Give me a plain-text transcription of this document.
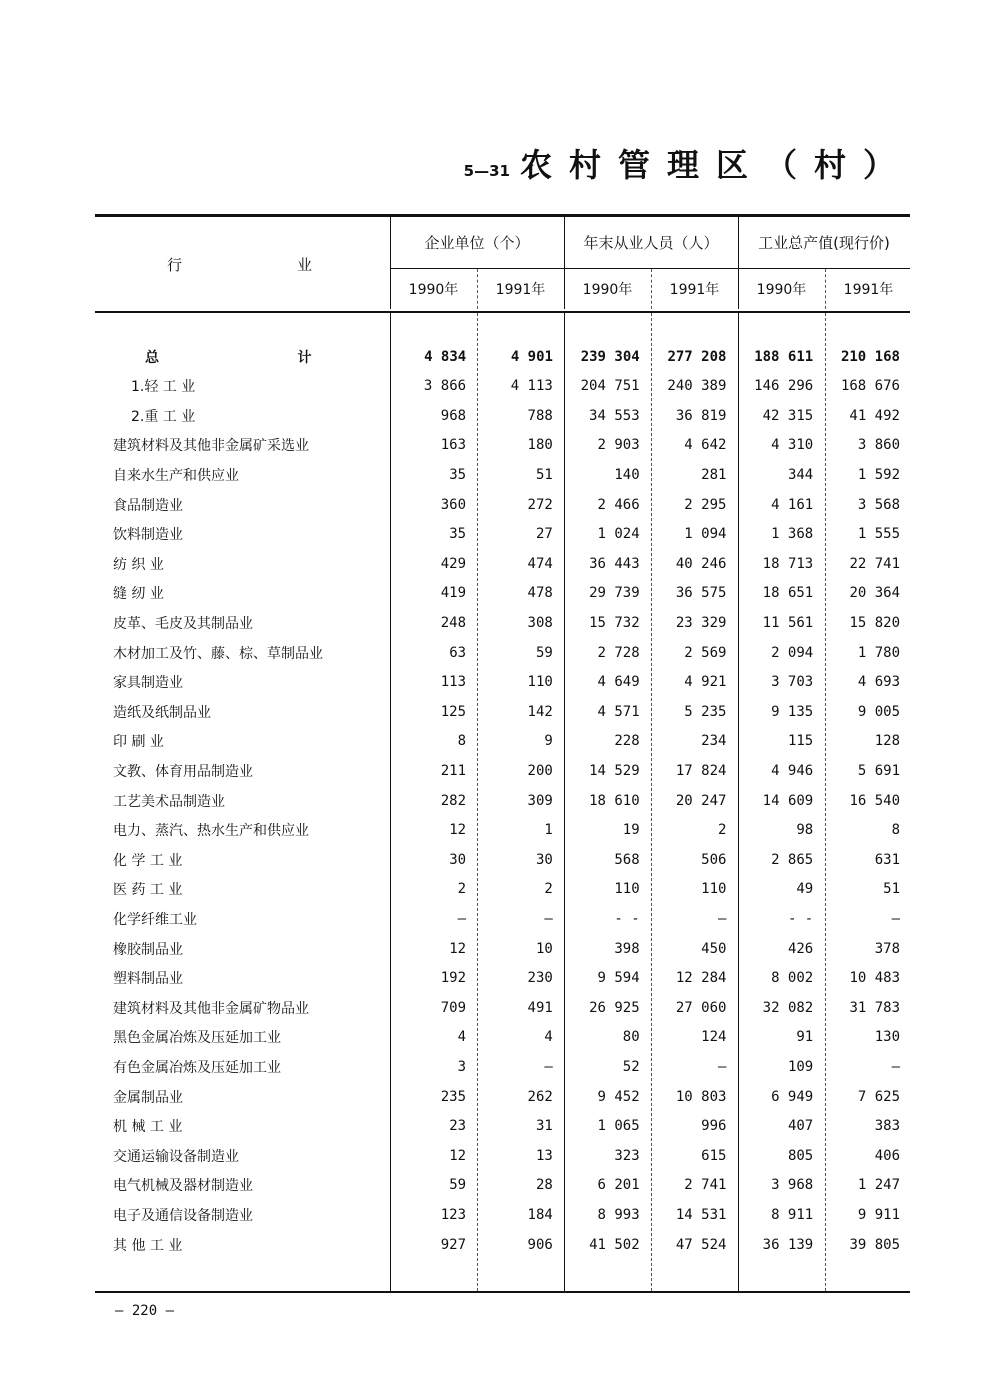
5—31 农村管理区（村）
行	业
企业单位（个）	年末从业人员（人）	工业总产值(现行价)
1990年	1991年	1990年	1991年	1990年	1991年
总	计	4 834	4 901	239 304	277 208	188 611	210 168
1.轻 工 业	3 866	4 113	204 751	240 389	146 296	168 676
2.重 工 业	968	788	34 553	36 819	42 315	41 492
建筑材料及其他非金属矿采选业	163	180	2 903	4 642	4 310	3 860
自来水生产和供应业	35	51	140	281	344	1 592
食品制造业	360	272	2 466	2 295	4 161	3 568
饮料制造业	35	27	1 024	1 094	1 368	1 555
纺 织 业	429	474	36 443	40 246	18 713	22 741
缝 纫 业	419	478	29 739	36 575	18 651	20 364
皮革、毛皮及其制品业	248	308	15 732	23 329	11 561	15 820
木材加工及竹、藤、棕、草制品业	63	59	2 728	2 569	2 094	1 780
家具制造业	113	110	4 649	4 921	3 703	4 693
造纸及纸制品业	125	142	4 571	5 235	9 135	9 005
印 刷 业	8	9	228	234	115	128
文教、体育用品制造业	211	200	14 529	17 824	4 946	5 691
工艺美术品制造业	282	309	18 610	20 247	14 609	16 540
电力、蒸汽、热水生产和供应业	12	1	19	2	98	8
化 学 工 业	30	30	568	506	2 865	631
医 药 工 业	2	2	110	110	49	51
化学纤维工业	—	—	- -	—	- -	—
橡胶制品业	12	10	398	450	426	378
塑料制品业	192	230	9 594	12 284	8 002	10 483
建筑材料及其他非金属矿物品业	709	491	26 925	27 060	32 082	31 783
黑色金属冶炼及压延加工业	4	4	80	124	91	130
有色金属冶炼及压延加工业	3	—	52	—	109	—
金属制品业	235	262	9 452	10 803	6 949	7 625
机 械 工 业	23	31	1 065	996	407	383
交通运输设备制造业	12	13	323	615	805	406
电气机械及器材制造业	59	28	6 201	2 741	3 968	1 247
电子及通信设备制造业	123	184	8 993	14 531	8 911	9 911
其 他 工 业	927	906	41 502	47 524	36 139	39 805
— 220 —
